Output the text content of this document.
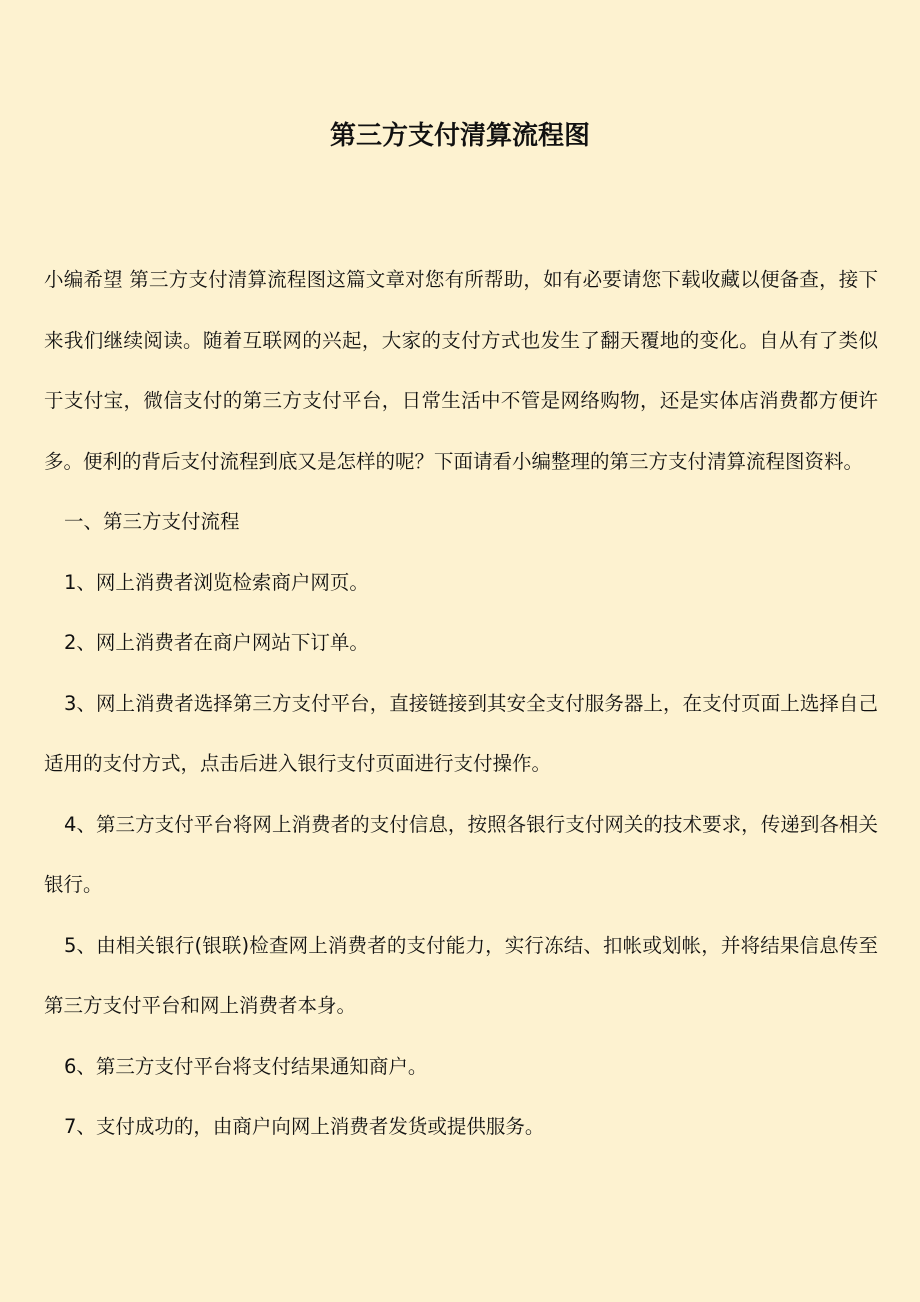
第三方支付清算流程图

小编希望 第三方支付清算流程图这篇文章对您有所帮助，如有必要请您下载收藏以便备查，接下来我们继续阅读。随着互联网的兴起，大家的支付方式也发生了翻天覆地的变化。自从有了类似于支付宝，微信支付的第三方支付平台，日常生活中不管是网络购物，还是实体店消费都方便许多。便利的背后支付流程到底又是怎样的呢？下面请看小编整理的第三方支付清算流程图资料。

一、第三方支付流程

1、网上消费者浏览检索商户网页。

2、网上消费者在商户网站下订单。

3、网上消费者选择第三方支付平台，直接链接到其安全支付服务器上，在支付页面上选择自己适用的支付方式，点击后进入银行支付页面进行支付操作。

4、第三方支付平台将网上消费者的支付信息，按照各银行支付网关的技术要求，传递到各相关银行。

5、由相关银行(银联)检查网上消费者的支付能力，实行冻结、扣帐或划帐，并将结果信息传至第三方支付平台和网上消费者本身。

6、第三方支付平台将支付结果通知商户。

7、支付成功的，由商户向网上消费者发货或提供服务。
